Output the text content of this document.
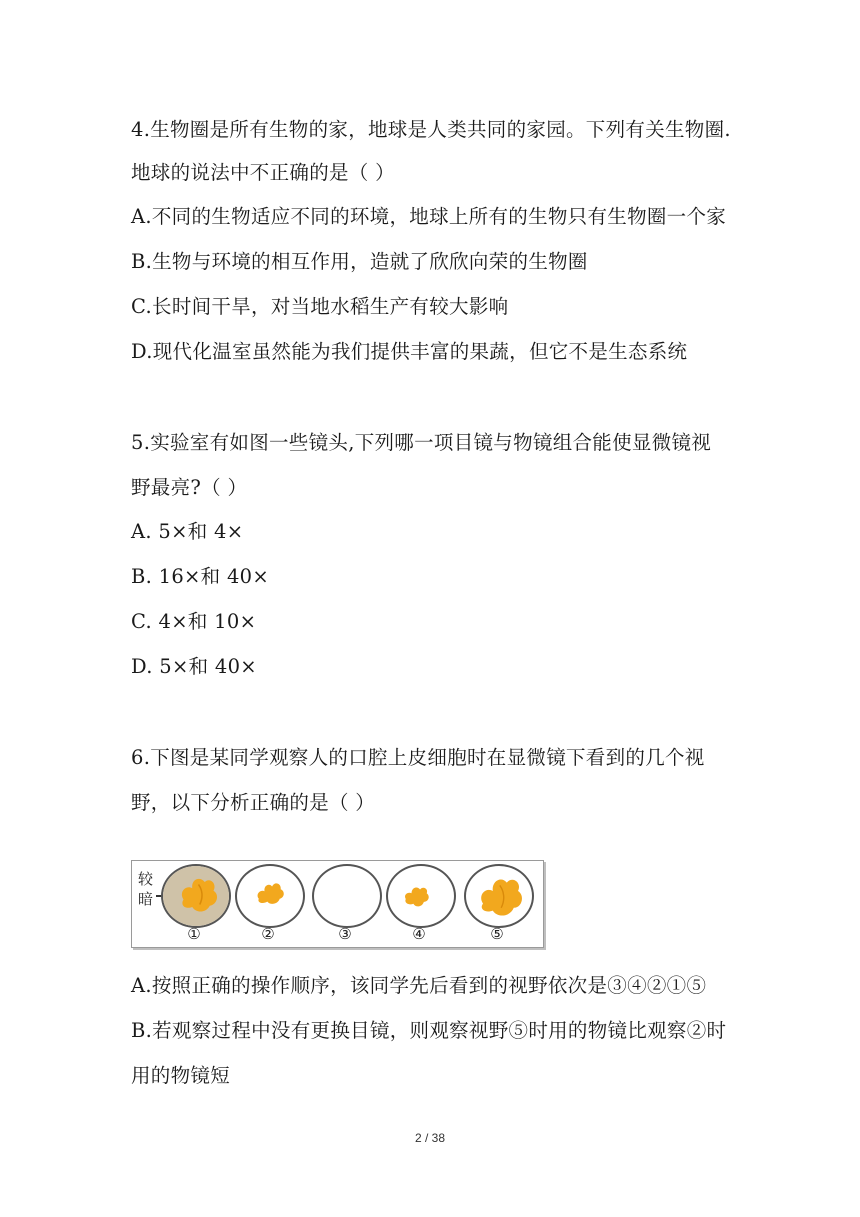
4.生物圈是所有生物的家，地球是人类共同的家园。下列有关生物圈.
地球的说法中不正确的是（ ）
A.不同的生物适应不同的环境，地球上所有的生物只有生物圈一个家
B.生物与环境的相互作用，造就了欣欣向荣的生物圈
C.长时间干旱，对当地水稻生产有较大影响
D.现代化温室虽然能为我们提供丰富的果蔬，但它不是生态系统
5.实验室有如图一些镜头,下列哪一项目镜与物镜组合能使显微镜视
野最亮?（ ）
A. 5×和 4×
B. 16×和 40×
C. 4×和 10×
D. 5×和 40×
6.下图是某同学观察人的口腔上皮细胞时在显微镜下看到的几个视
野，以下分析正确的是（ ）
较
暗
①	②	③	④	⑤
A.按照正确的操作顺序，该同学先后看到的视野依次是③④②①⑤
B.若观察过程中没有更换目镜，则观察视野⑤时用的物镜比观察②时
用的物镜短
2 / 38
